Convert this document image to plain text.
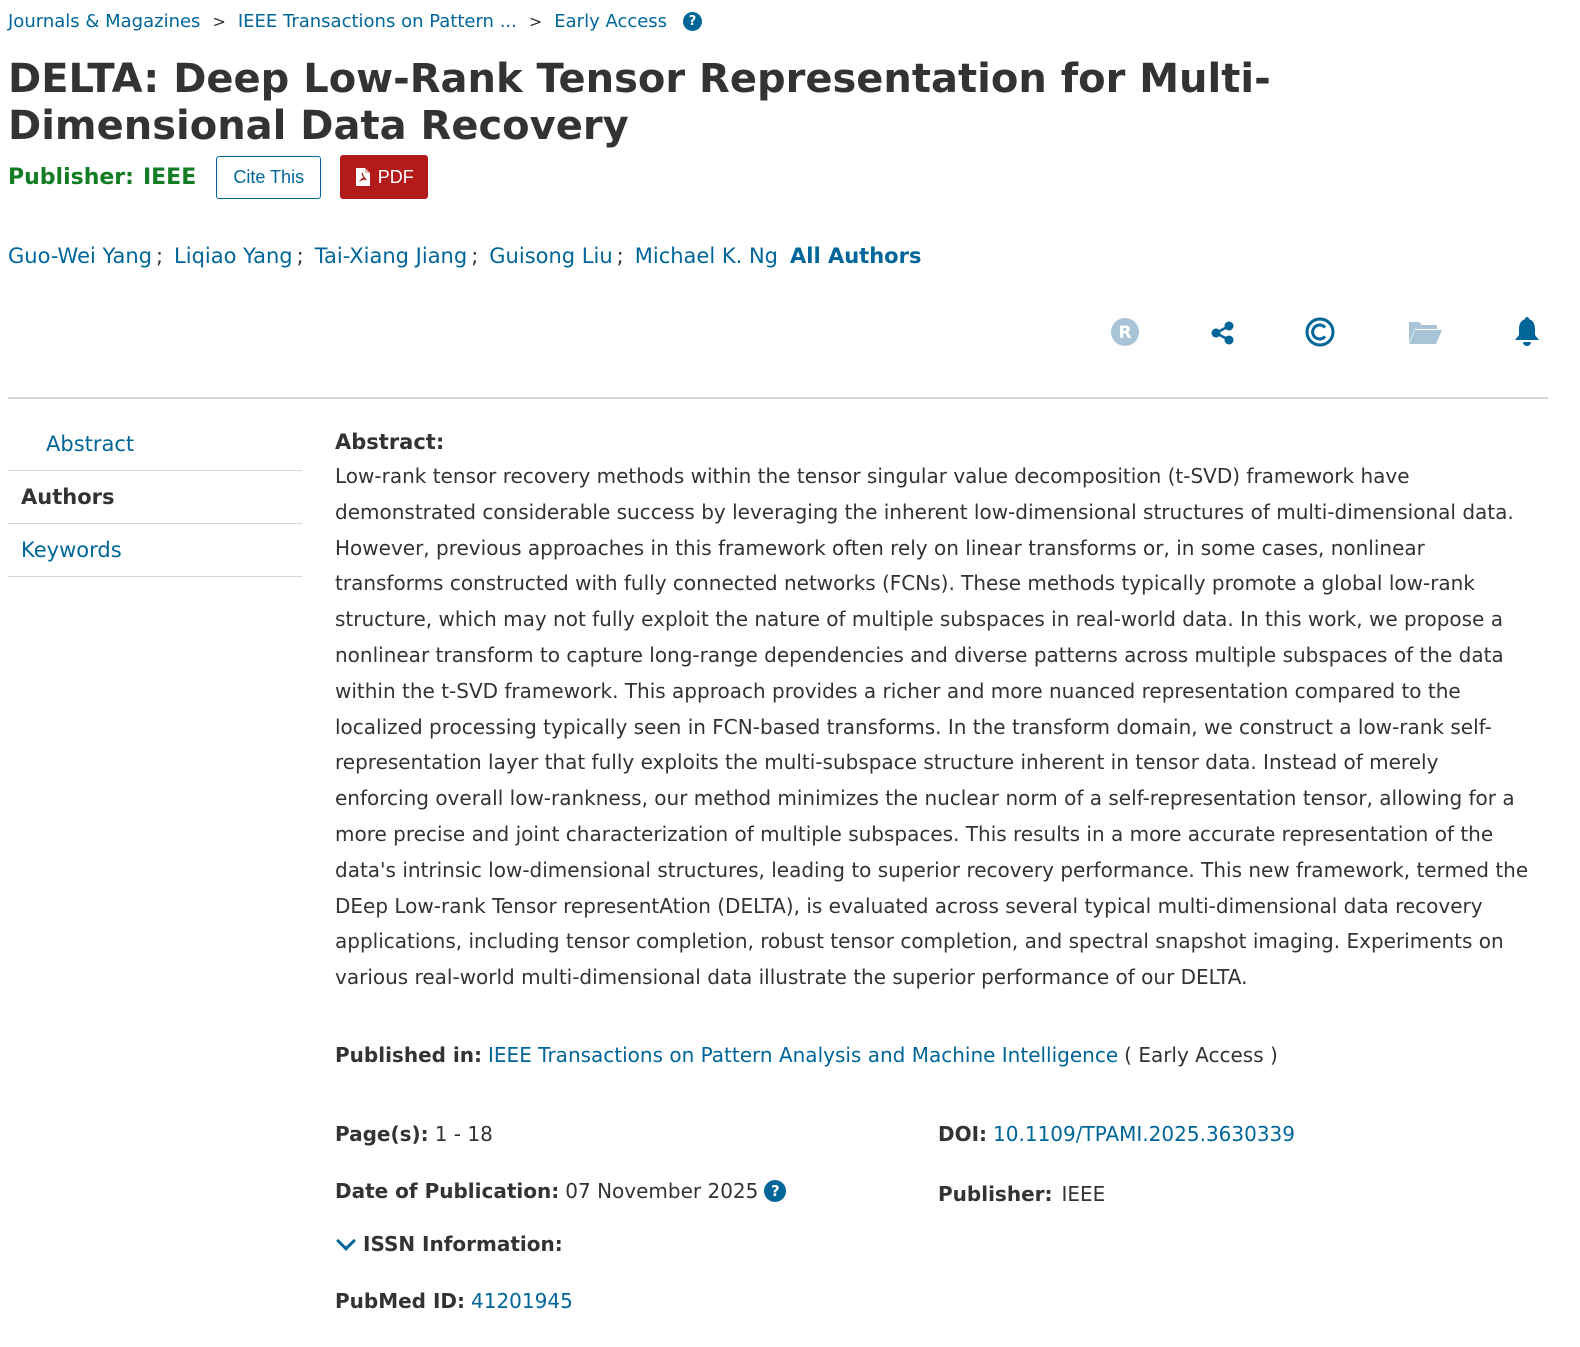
Journals & Magazines > IEEE Transactions on Pattern ... > Early Access	?
DELTA: Deep Low-Rank Tensor Representation for Multi-Dimensional Data Recovery
Publisher: IEEE	Cite This	PDF
Guo-Wei Yang ; Liqiao Yang ; Tai-Xiang Jiang ; Guisong Liu ; Michael K. Ng All Authors
R
Abstract
Authors
Keywords
Abstract:

Low-rank tensor recovery methods within the tensor singular value decomposition (t-SVD) framework have demonstrated considerable success by leveraging the inherent low-dimensional structures of multi-dimensional data. However, previous approaches in this framework often rely on linear transforms or, in some cases, nonlinear transforms constructed with fully connected networks (FCNs). These methods typically promote a global low-rank structure, which may not fully exploit the nature of multiple subspaces in real-world data. In this work, we propose a nonlinear transform to capture long-range dependencies and diverse patterns across multiple subspaces of the data within the t-SVD framework. This approach provides a richer and more nuanced representation compared to the localized processing typically seen in FCN-based transforms. In the transform domain, we construct a low-rank self-representation layer that fully exploits the multi-subspace structure inherent in tensor data. Instead of merely enforcing overall low-rankness, our method minimizes the nuclear norm of a self-representation tensor, allowing for a more precise and joint characterization of multiple subspaces. This results in a more accurate representation of the data's intrinsic low-dimensional structures, leading to superior recovery performance. This new framework, termed the DEep Low-rank Tensor representAtion (DELTA), is evaluated across several typical multi-dimensional data recovery applications, including tensor completion, robust tensor completion, and spectral snapshot imaging. Experiments on various real-world multi-dimensional data illustrate the superior performance of our DELTA.

Published in: IEEE Transactions on Pattern Analysis and Machine Intelligence ( Early Access )
Page(s): 1 - 18	DOI: 10.1109/TPAMI.2025.3630339
Date of Publication: 07 November 2025 ?	Publisher: IEEE
ISSN Information:
PubMed ID: 41201945
